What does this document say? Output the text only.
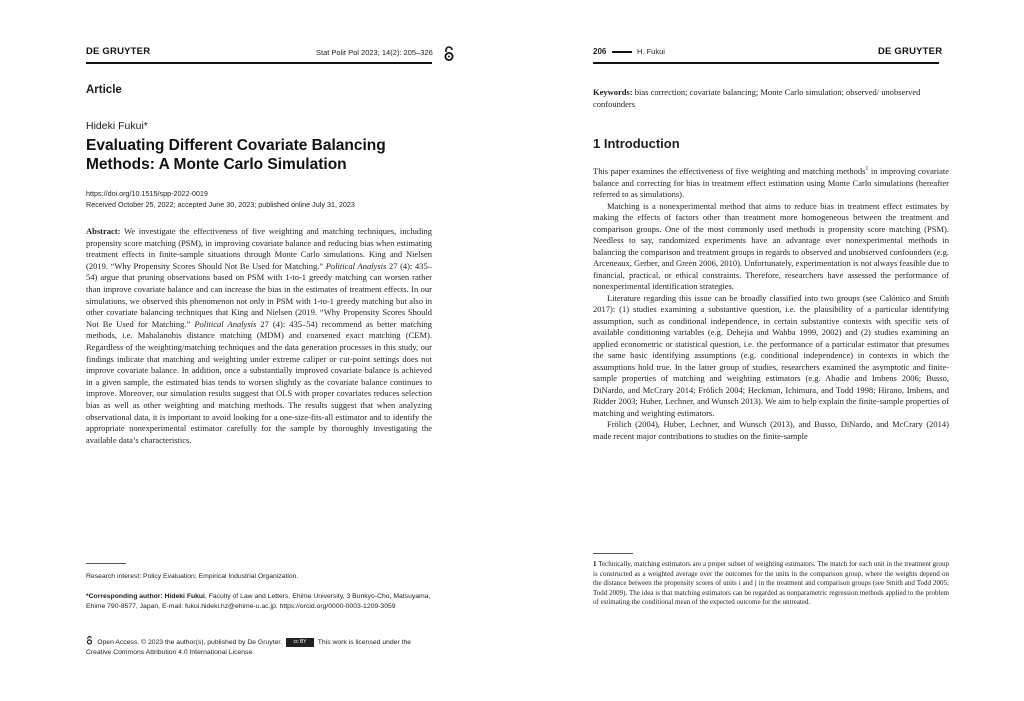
DE GRUYTER	Stat Polit Pol 2023; 14(2): 205–326
Article
Hideki Fukui*
Evaluating Different Covariate Balancing Methods: A Monte Carlo Simulation
https://doi.org/10.1515/spp-2022-0019
Received October 25, 2022; accepted June 30, 2023; published online July 31, 2023
Abstract: We investigate the effectiveness of five weighting and matching techniques, including propensity score matching (PSM), in improving covariate balance and reducing bias when estimating treatment effects in finite-sample situations through Monte Carlo simulations. King and Nielsen (2019. “Why Propensity Scores Should Not Be Used for Matching.” Political Analysis 27 (4): 435–54) argue that pruning observations based on PSM with 1-to-1 greedy matching can worsen rather than improve covariate balance and can increase the bias in the estimates of treatment effects. In our simulations, we observed this phenomenon not only in PSM with 1-to-1 greedy matching but also in other covariate balancing techniques that King and Nielsen (2019. “Why Propensity Scores Should Not Be Used for Matching.” Political Analysis 27 (4): 435–54) recommend as better matching methods, i.e. Mahalanobis distance matching (MDM) and coarsened exact matching (CEM). Regardless of the weighting/matching techniques and the data generation processes in this study, our findings indicate that matching and weighting under extreme caliper or cut-point settings does not improve covariate balance. In addition, once a substantially improved covariate balance is achieved in a given sample, the estimated bias tends to worsen slightly as the covariate balance continues to improve. Moreover, our simulation results suggest that OLS with proper covariates reduces selection bias as well as other weighting and matching methods. The results suggest that when analyzing observational data, it is important to avoid looking for a one-size-fits-all estimator and to identify the appropriate nonexperimental estimator carefully for the sample by thoroughly investigating the available data’s characteristics.
Research interest: Policy Evaluation; Empirical Industrial Organization.
*Corresponding author: Hideki Fukui, Faculty of Law and Letters, Ehime University, 3 Bunkyo-Cho, Matsuyama, Ehime 790-8577, Japan, E-mail: fukui.hideki.hz@ehime-u.ac.jp. https://orcid.org/0000-0003-1209-3059
Open Access. © 2023 the author(s), published by De Gruyter. cc BY This work is licensed under the Creative Commons Attribution 4.0 International License.
206	H. Fukui	DE GRUYTER
Keywords: bias correction; covariate balancing; Monte Carlo simulation; observed/ unobserved confounders
1 Introduction

This paper examines the effectiveness of five weighting and matching methods$^1$ in improving covariate balance and correcting for bias in treatment effect estimation using Monte Carlo simulations (hereafter referred to as simulations).

Matching is a nonexperimental method that aims to reduce bias in treatment effect estimates by making the effects of factors other than treatment more homogeneous between the treatment and comparison groups. One of the most commonly used methods is propensity score matching (PSM). Needless to say, randomized experiments have an advantage over nonexperimental methods in balancing the comparison and treatment groups in regards to observed and unobserved confounders (e.g. Arceneaux, Gerber, and Green 2006, 2010). Unfortunately, experimentation is not always feasible due to financial, practical, or ethical constraints. Therefore, researchers have assessed the performance of nonexperimental identification strategies.

Literature regarding this issue can be broadly classified into two groups (see Calónico and Smith 2017): (1) studies examining a substantive question, i.e. the plausibility of a particular identifying assumption, such as conditional independence, in certain substantive contexts with specific sets of available conditioning variables (e.g. Dehejia and Wahba 1999, 2002) and (2) studies examining an applied econometric or statistical question, i.e. the performance of a particular estimator that presumes the same basic identifying assumptions (e.g. conditional independence) in contexts in which the assumptions hold true. In the latter group of studies, researchers examined the asymptotic and finite-sample properties of matching and weighting estimators (e.g. Abadie and Imbens 2006; Busso, DiNardo, and McCrary 2014; Frölich 2004; Heckman, Ichimura, and Todd 1998; Hirano, Imbens, and Ridder 2003; Huber, Lechner, and Wunsch 2013). We aim to help explain the finite-sample properties of matching and weighting estimators.

Frölich (2004), Huber, Lechner, and Wunsch (2013), and Busso, DiNardo, and McCrary (2014) made recent major contributions to studies on the finite-sample

1 Technically, matching estimators are a proper subset of weighting estimators. The match for each unit in the treatment group is constructed as a weighted average over the outcomes for the units in the comparison group, where the weights depend on the distance between the propensity scores of units i and j in the treatment and comparison groups (see Smith and Todd 2005; Todd 2009). The idea is that matching estimators can be regarded as nonparametric regression methods applied to the problem of estimating the conditional mean of the expected outcome for the untreated.
